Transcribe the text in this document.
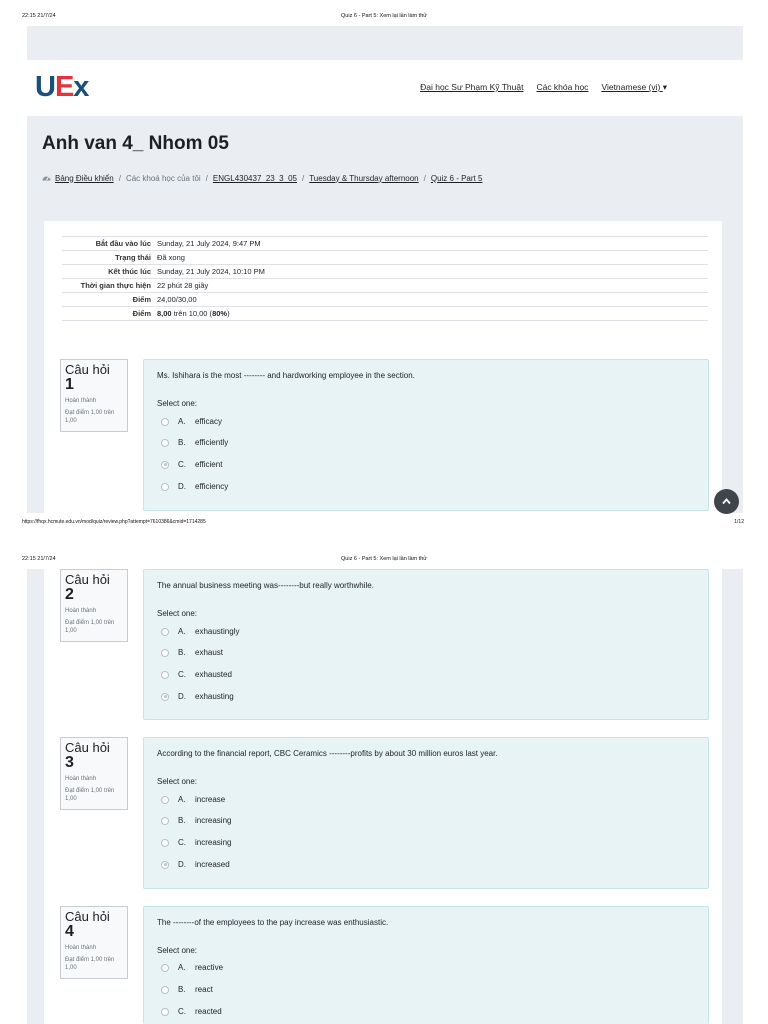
22:15 21/7/24	Quiz 6 - Part 5: Xem lại lần làm thử
UEx	Đại học Sư Phạm Kỹ Thuật Các khóa học Vietnamese (vi) ▾
Anh van 4_ Nhom 05
Bảng Điều khiển / Các khoá học của tôi / ENGL430437_23_3_05 / Tuesday & Thursday afternoon / Quiz 6 - Part 5
Bắt đầu vào lúc	Sunday, 21 July 2024, 9:47 PM
Trạng thái	Đã xong
Kết thúc lúc	Sunday, 21 July 2024, 10:10 PM
Thời gian thực hiện	22 phút 28 giây
Điểm	24,00/30,00
Điểm	8,00 trên 10,00 (80%)
Câu hỏi
1
Hoàn thành
Đạt điểm 1,00 trên 1,00
Ms. Ishihara is the most -------- and hardworking employee in the section.
Select one:
A.	efficacy
B.	efficiently
C.	efficient
D.	efficiency
https://fhqx.hcmute.edu.vn/mod/quiz/review.php?attempt=7610386&cmid=1714285	1/12
22:15 21/7/24	Quiz 6 - Part 5: Xem lại lần làm thử
Câu hỏi
2
Hoàn thành
Đạt điểm 1,00 trên 1,00
The annual business meeting was--------but really worthwhile.
Select one:
A.	exhaustingly
B.	exhaust
C.	exhausted
D.	exhausting
Câu hỏi
3
Hoàn thành
Đạt điểm 1,00 trên 1,00
According to the financial report, CBC Ceramics --------profits by about 30 million euros last year.
Select one:
A.	increase
B.	increasing
C.	increasing
D.	increased
Câu hỏi
4
Hoàn thành
Đạt điểm 1,00 trên 1,00
The --------of the employees to the pay increase was enthusiastic.
Select one:
A.	reactive
B.	react
C.	reacted
